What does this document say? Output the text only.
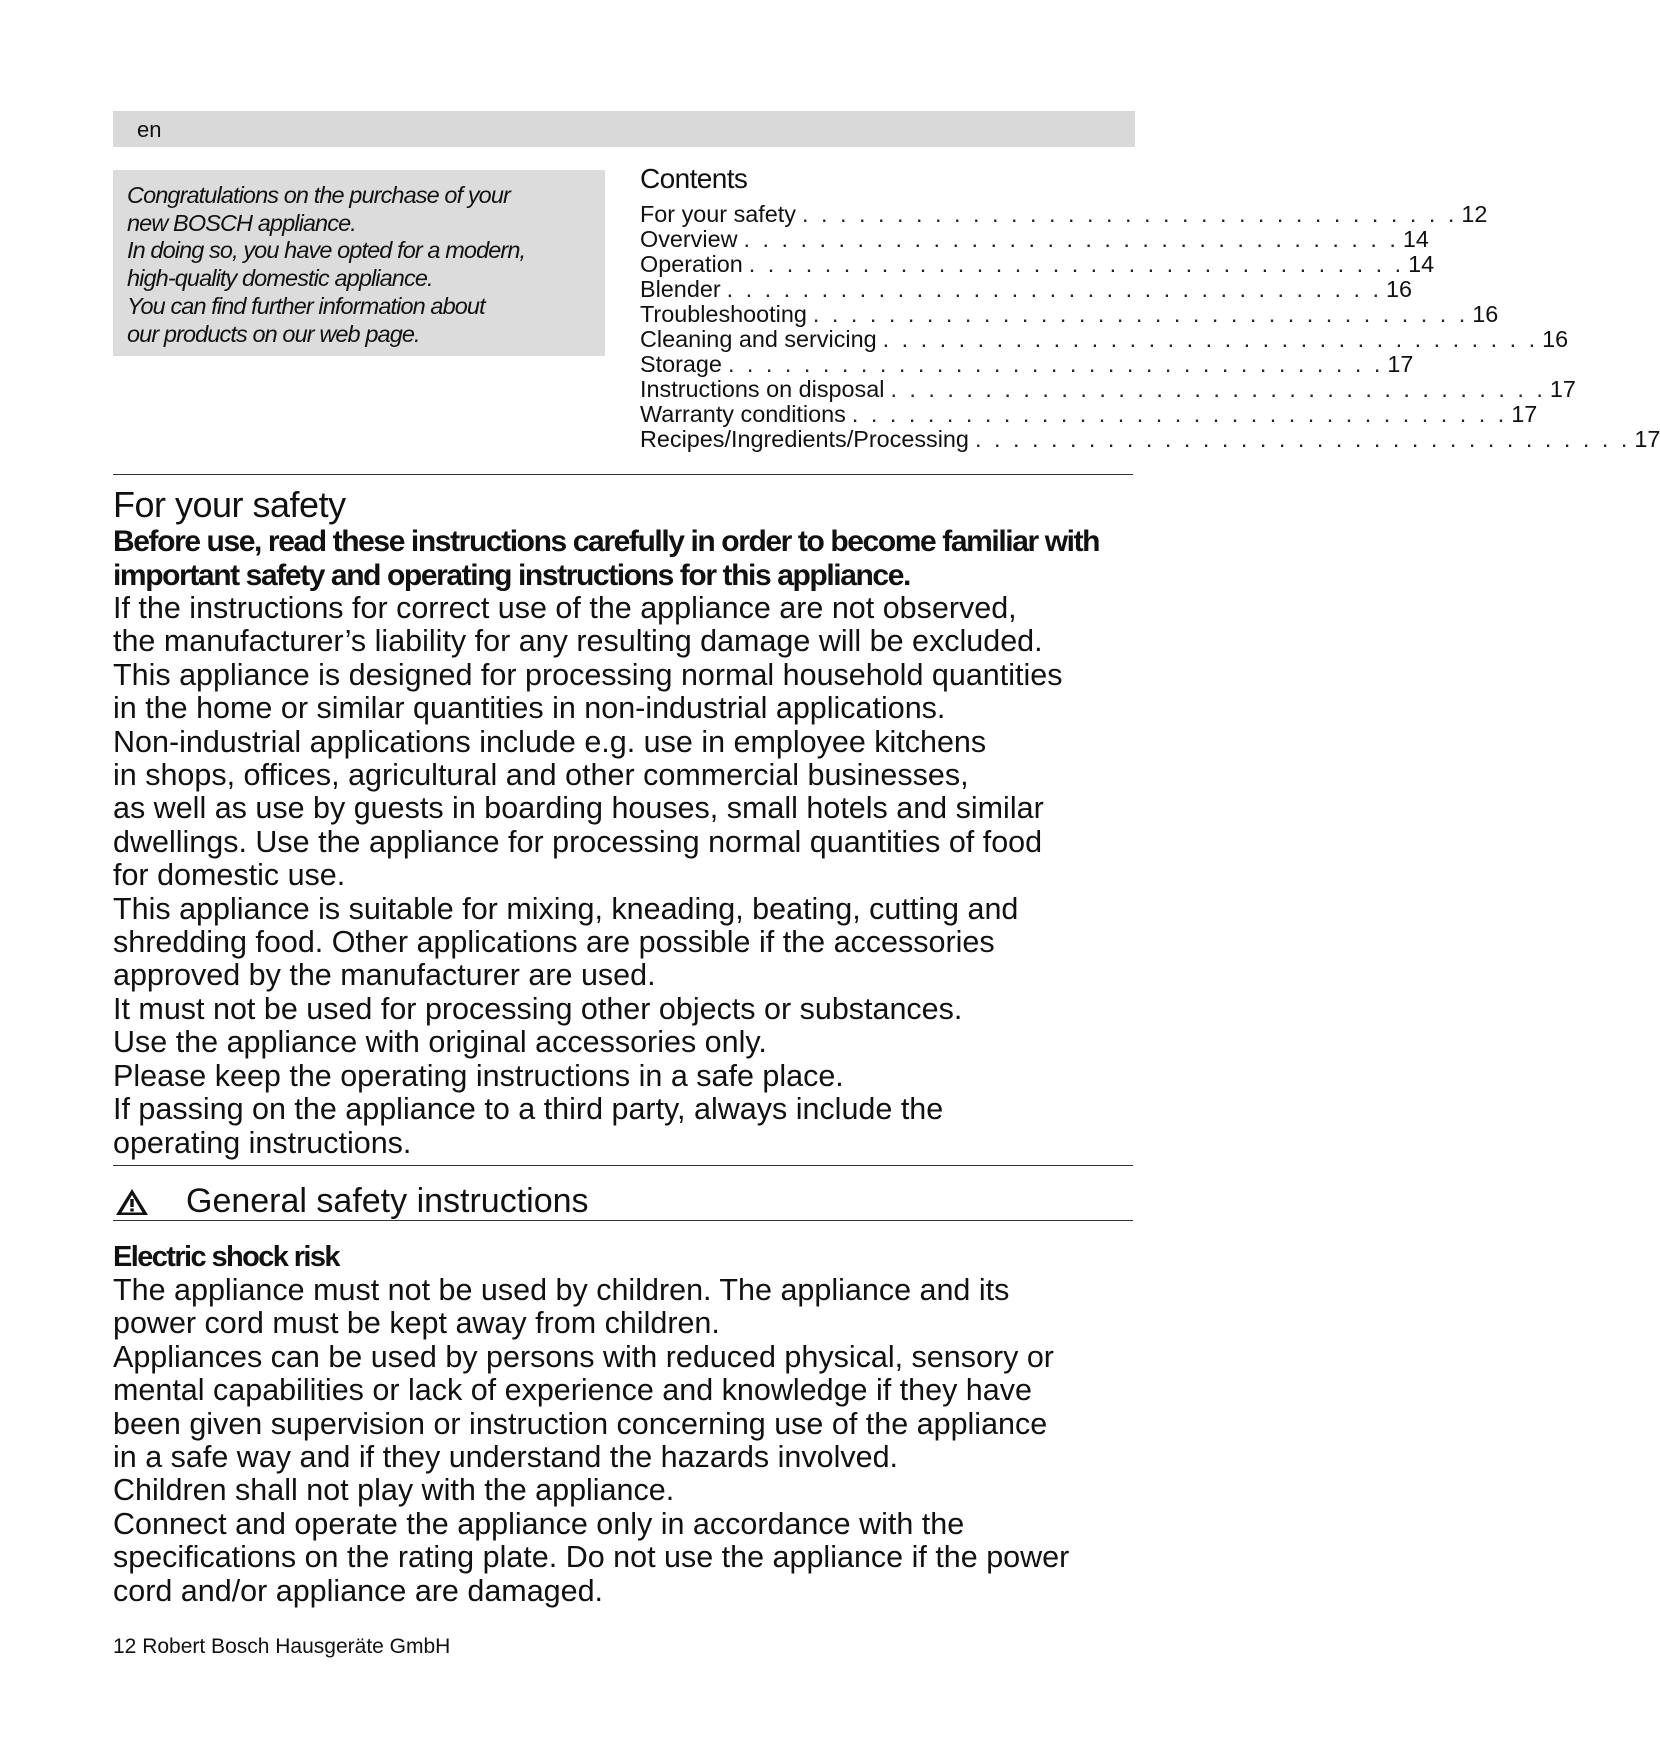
en

Congratulations on the purchase of your
new BOSCH appliance.
In doing so, you have opted for a modern,
high-quality domestic appliance.
You can find further information about
our products on our web page.

Contents
For your safety . . . . . . . . . . . . . . . . . . . . . . . . . . . . . . . . . . . 12
Overview . . . . . . . . . . . . . . . . . . . . . . . . . . . . . . . . . . . 14
Operation . . . . . . . . . . . . . . . . . . . . . . . . . . . . . . . . . . . 14
Blender . . . . . . . . . . . . . . . . . . . . . . . . . . . . . . . . . . . 16
Troubleshooting . . . . . . . . . . . . . . . . . . . . . . . . . . . . . . . . . . . 16
Cleaning and servicing . . . . . . . . . . . . . . . . . . . . . . . . . . . . . . . . . . . 16
Storage . . . . . . . . . . . . . . . . . . . . . . . . . . . . . . . . . . . 17
Instructions on disposal . . . . . . . . . . . . . . . . . . . . . . . . . . . . . . . . . . . 17
Warranty conditions . . . . . . . . . . . . . . . . . . . . . . . . . . . . . . . . . . . 17
Recipes/Ingredients/Processing . . . . . . . . . . . . . . . . . . . . . . . . . . . . . . . . . . . 17
For your safety

Before use, read these instructions carefully in order to become familiar with important safety and operating instructions for this appliance.

If the instructions for correct use of the appliance are not observed,
the manufacturer’s liability for any resulting damage will be excluded.
This appliance is designed for processing normal household quantities
in the home or similar quantities in non-industrial applications.
Non-industrial applications include e.g. use in employee kitchens
in shops, offices, agricultural and other commercial businesses,
as well as use by guests in boarding houses, small hotels and similar
dwellings. Use the appliance for processing normal quantities of food
for domestic use.
This appliance is suitable for mixing, kneading, beating, cutting and
shredding food. Other applications are possible if the accessories
approved by the manufacturer are used.
It must not be used for processing other objects or substances.
Use the appliance with original accessories only.
Please keep the operating instructions in a safe place.
If passing on the appliance to a third party, always include the
operating instructions.

General safety instructions
Electric shock risk

The appliance must not be used by children. The appliance and its
power cord must be kept away from children.
Appliances can be used by persons with reduced physical, sensory or
mental capabilities or lack of experience and knowledge if they have
been given supervision or instruction concerning use of the appliance
in a safe way and if they understand the hazards involved.
Children shall not play with the appliance.
Connect and operate the appliance only in accordance with the
specifications on the rating plate. Do not use the appliance if the power
cord and/or appliance are damaged.

12 Robert Bosch Hausgeräte GmbH
